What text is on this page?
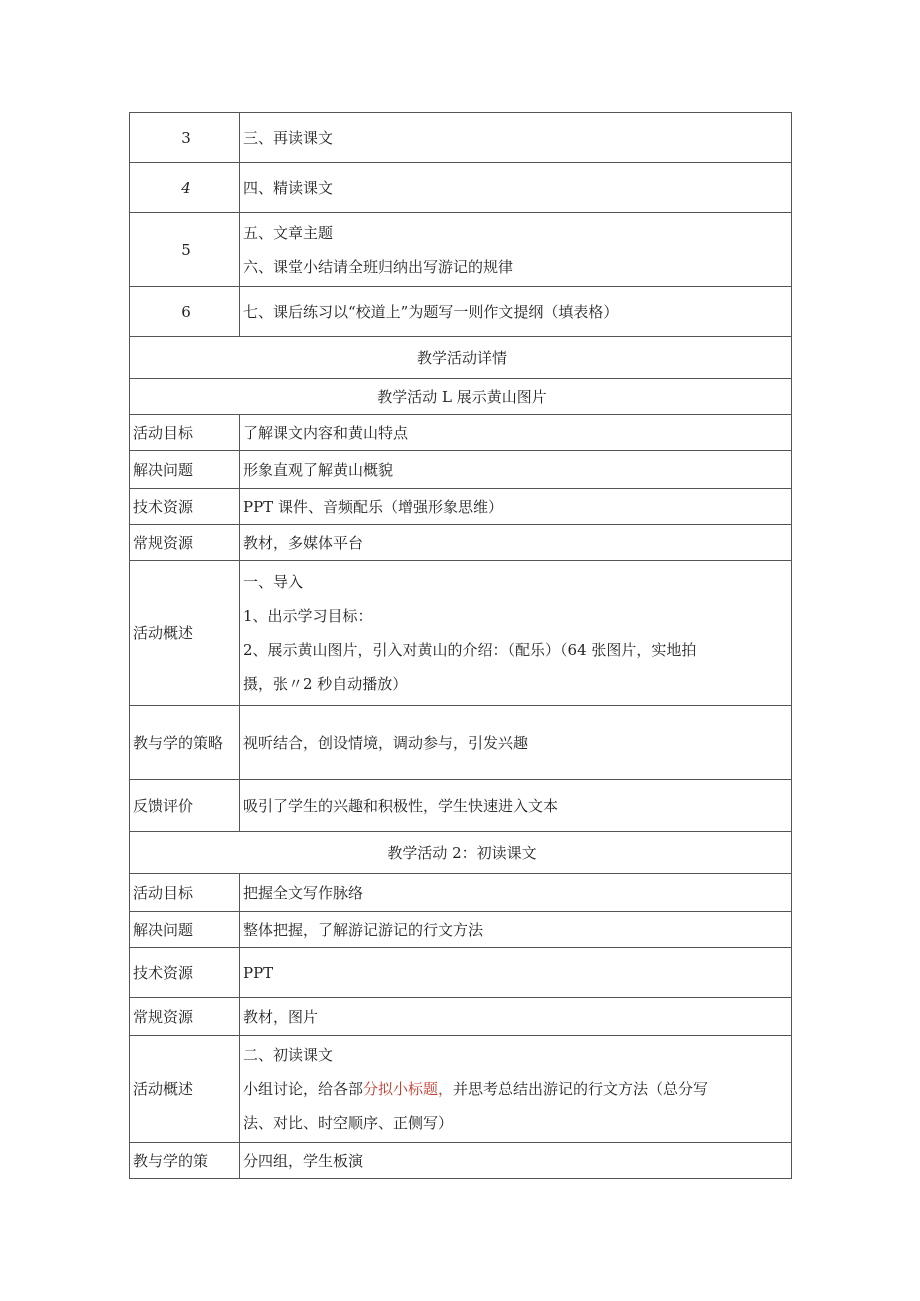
3	三、再读课文
4	四、精读课文
5	五、文章主题
六、课堂小结请全班归纳出写游记的规律

6	七、课后练习以“校道上”为题写一则作文提纲（填表格）
教学活动详情	
教学活动 L 展示黄山图片	
活动目标	了解课文内容和黄山特点
解决问题	形象直观了解黄山概貌
技术资源	PPT 课件、音频配乐（增强形象思维）
常规资源	教材，多媒体平台
活动概述	一、导入
1、出示学习目标：
2、展示黄山图片，引入对黄山的介绍：（配乐）（64 张图片，实地拍
摄，张〃2 秒自动播放）

教与学的策略	视听结合，创设情境，调动参与，引发兴趣
反馈评价	吸引了学生的兴趣和积极性，学生快速进入文本
教学活动 2：初读课文	
活动目标	把握全文写作脉络
解决问题	整体把握，了解游记游记的行文方法
技术资源	PPT
常规资源	教材，图片
活动概述	二、初读课文
小组讨论，给各部分拟小标题，并思考总结出游记的行文方法（总分写
法、对比、时空顺序、正侧写）

教与学的策	分四组，学生板演
